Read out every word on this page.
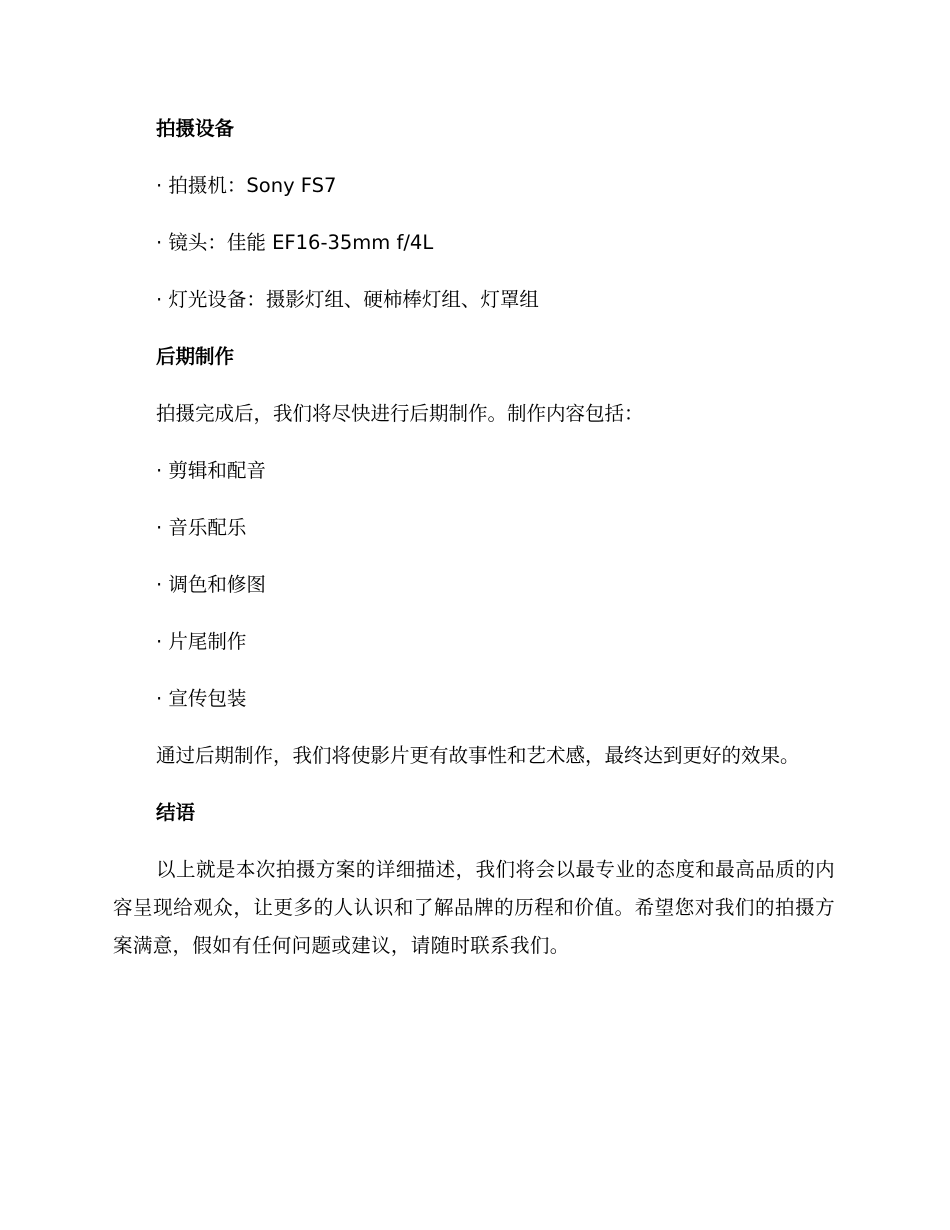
拍摄设备
· 拍摄机：Sony FS7
· 镜头：佳能 EF16-35mm f/4L
· 灯光设备：摄影灯组、硬柿棒灯组、灯罩组
后期制作
拍摄完成后，我们将尽快进行后期制作。制作内容包括：
· 剪辑和配音
· 音乐配乐
· 调色和修图
· 片尾制作
· 宣传包装
通过后期制作，我们将使影片更有故事性和艺术感，最终达到更好的效果。
结语
以上就是本次拍摄方案的详细描述，我们将会以最专业的态度和最高品质的内容呈现给观众，让更多的人认识和了解品牌的历程和价值。希望您对我们的拍摄方案满意，假如有任何问题或建议，请随时联系我们。
